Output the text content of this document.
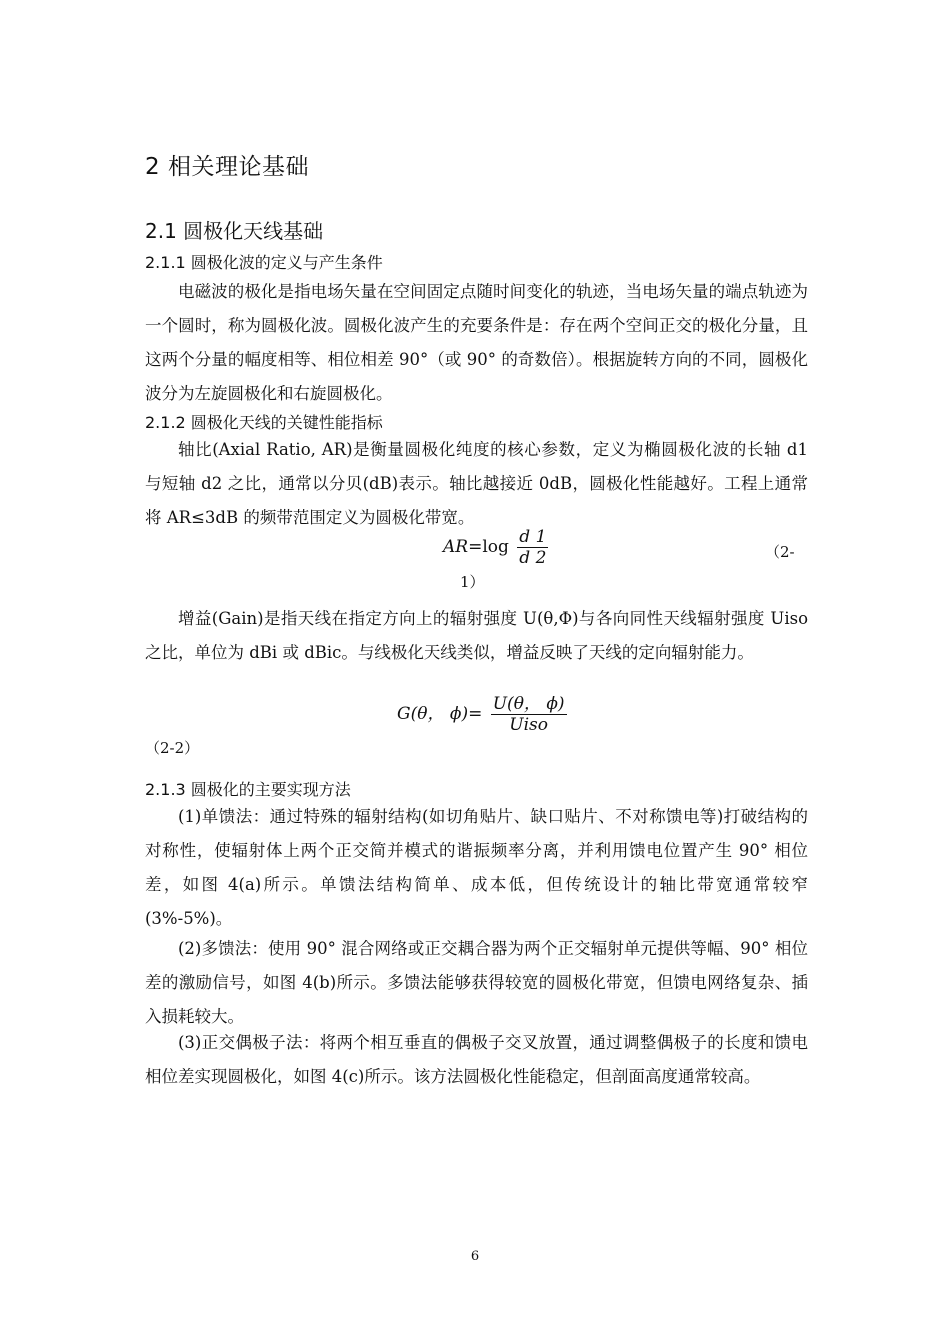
2 相关理论基础
2.1 圆极化天线基础
2.1.1 圆极化波的定义与产生条件

电磁波的极化是指电场矢量在空间固定点随时间变化的轨迹，当电场矢量的端点轨迹为一个圆时，称为圆极化波。圆极化波产生的充要条件是：存在两个空间正交的极化分量，且这两个分量的幅度相等、相位相差 90°（或 90° 的奇数倍）。根据旋转方向的不同，圆极化波分为左旋圆极化和右旋圆极化。

2.1.2 圆极化天线的关键性能指标

轴比(Axial Ratio, AR)是衡量圆极化纯度的核心参数，定义为椭圆极化波的长轴 d1 与短轴 d2 之比，通常以分贝(dB)表示。轴比越接近 0dB，圆极化性能越好。工程上通常将 AR≤3dB 的频带范围定义为圆极化带宽。

$AR=\log \frac{d 1}{d 2}$	（2-
1）

增益(Gain)是指天线在指定方向上的辐射强度 U(θ,Φ)与各向同性天线辐射强度 Uiso 之比，单位为 dBi 或 dBic。与线极化天线类似，增益反映了天线的定向辐射能力。

G(θ， $\phi)= \frac{U(\theta, \phi)}{\text{Uiso}}$
（2-2）
2.1.3 圆极化的主要实现方法

(1)单馈法：通过特殊的辐射结构(如切角贴片、缺口贴片、不对称馈电等)打破结构的对称性，使辐射体上两个正交简并模式的谐振频率分离，并利用馈电位置产生 90° 相位差，如图 4(a)所示。单馈法结构简单、成本低，但传统设计的轴比带宽通常较窄(3%-5%)。

(2)多馈法：使用 90° 混合网络或正交耦合器为两个正交辐射单元提供等幅、90° 相位差的激励信号，如图 4(b)所示。多馈法能够获得较宽的圆极化带宽，但馈电网络复杂、插入损耗较大。

(3)正交偶极子法：将两个相互垂直的偶极子交叉放置，通过调整偶极子的长度和馈电相位差实现圆极化，如图 4(c)所示。该方法圆极化性能稳定，但剖面高度通常较高。

6
